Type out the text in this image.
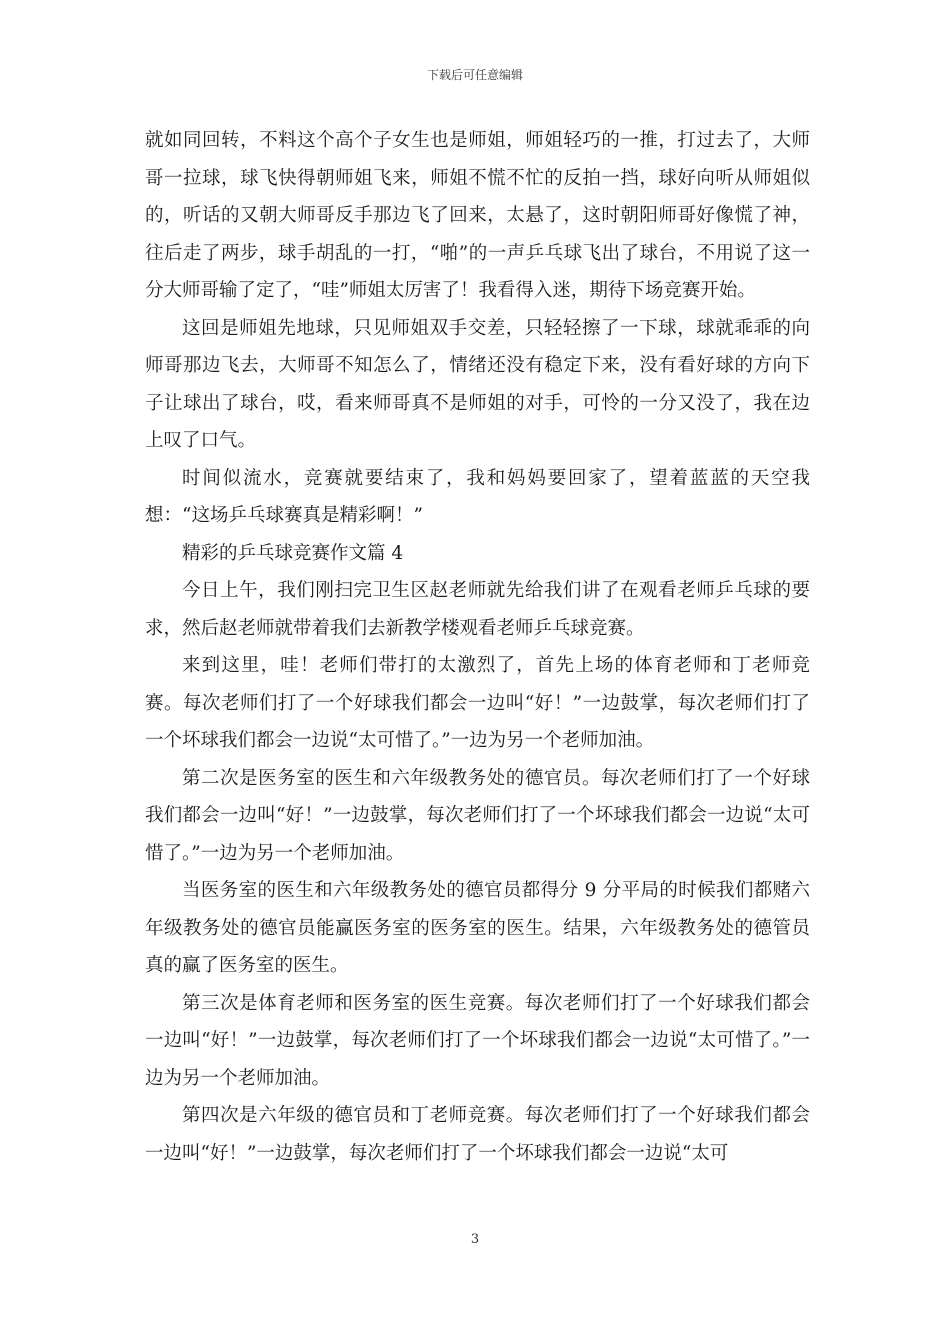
下载后可任意编辑

就如同回转，不料这个高个子女生也是师姐，师姐轻巧的一推，打过去了，大师哥一拉球，球飞快得朝师姐飞来，师姐不慌不忙的反拍一挡，球好向听从师姐似的，听话的又朝大师哥反手那边飞了回来，太悬了，这时朝阳师哥好像慌了神，往后走了两步，球手胡乱的一打，“啪”的一声乒乓球飞出了球台，不用说了这一分大师哥输了定了，“哇”师姐太厉害了！我看得入迷，期待下场竞赛开始。

这回是师姐先地球，只见师姐双手交差，只轻轻擦了一下球，球就乖乖的向师哥那边飞去，大师哥不知怎么了，情绪还没有稳定下来，没有看好球的方向下子让球出了球台，哎，看来师哥真不是师姐的对手，可怜的一分又没了，我在边上叹了口气。

时间似流水，竞赛就要结束了，我和妈妈要回家了，望着蓝蓝的天空我想：“这场乒乓球赛真是精彩啊！”

精彩的乒乓球竞赛作文篇 4

今日上午，我们刚扫完卫生区赵老师就先给我们讲了在观看老师乒乓球的要求，然后赵老师就带着我们去新教学楼观看老师乒乓球竞赛。

来到这里，哇！老师们带打的太激烈了，首先上场的体育老师和丁老师竞赛。每次老师们打了一个好球我们都会一边叫“好！”一边鼓掌，每次老师们打了一个坏球我们都会一边说“太可惜了。”一边为另一个老师加油。

第二次是医务室的医生和六年级教务处的德官员。每次老师们打了一个好球我们都会一边叫“好！”一边鼓掌，每次老师们打了一个坏球我们都会一边说“太可惜了。”一边为另一个老师加油。

当医务室的医生和六年级教务处的德官员都得分 9 分平局的时候我们都赌六年级教务处的德官员能赢医务室的医务室的医生。结果，六年级教务处的德管员真的赢了医务室的医生。

第三次是体育老师和医务室的医生竞赛。每次老师们打了一个好球我们都会一边叫“好！”一边鼓掌，每次老师们打了一个坏球我们都会一边说“太可惜了。”一边为另一个老师加油。

第四次是六年级的德官员和丁老师竞赛。每次老师们打了一个好球我们都会一边叫“好！”一边鼓掌，每次老师们打了一个坏球我们都会一边说“太可

3
